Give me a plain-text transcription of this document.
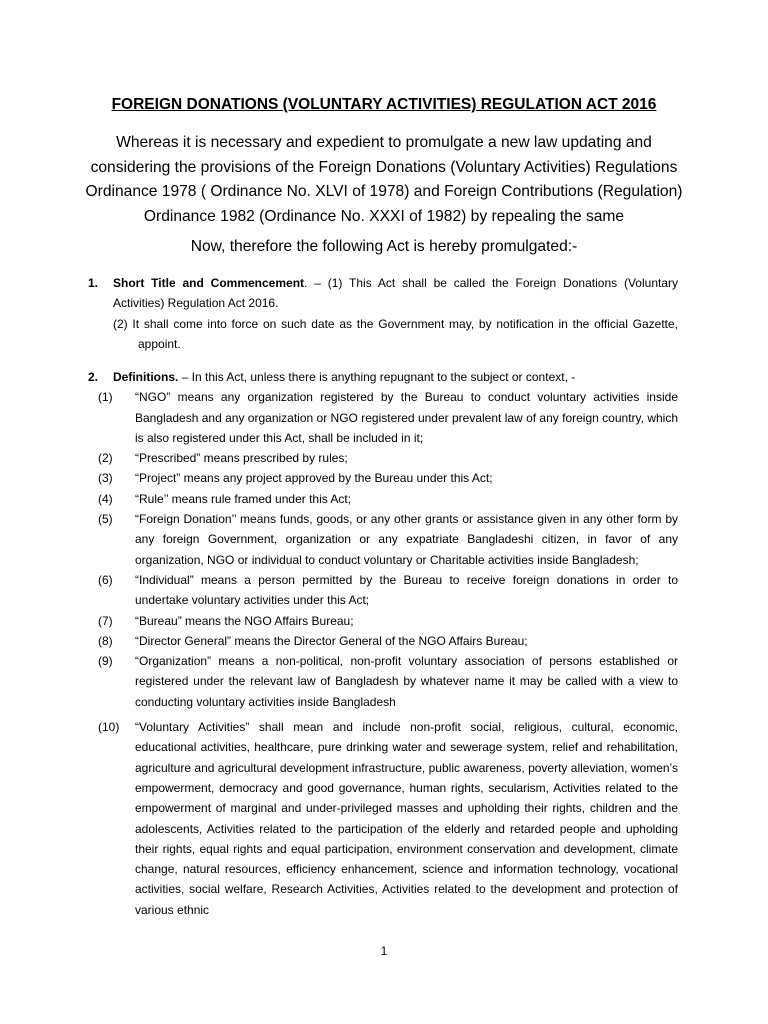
FOREIGN DONATIONS (VOLUNTARY ACTIVITIES) REGULATION ACT 2016
Whereas it is necessary and expedient to promulgate a new law updating and considering the provisions of the Foreign Donations (Voluntary Activities) Regulations Ordinance 1978 ( Ordinance No. XLVI of 1978) and Foreign Contributions (Regulation) Ordinance 1982 (Ordinance No. XXXI of 1982) by repealing the same
Now, therefore the following Act is hereby promulgated:-
1. Short Title and Commencement. – (1) This Act shall be called the Foreign Donations (Voluntary Activities) Regulation Act 2016.
(2) It shall come into force on such date as the Government may, by notification in the official Gazette, appoint.
2. Definitions. – In this Act, unless there is anything repugnant to the subject or context, -
(1) “NGO” means any organization registered by the Bureau to conduct voluntary activities inside Bangladesh and any organization or NGO registered under prevalent law of any foreign country, which is also registered under this Act, shall be included in it;
(2) “Prescribed” means prescribed by rules;
(3) “Project” means any project approved by the Bureau under this Act;
(4) “Rule’’ means rule framed under this Act;
(5) “Foreign Donation’’ means funds, goods, or any other grants or assistance given in any other form by any foreign Government, organization or any expatriate Bangladeshi citizen, in favor of any organization, NGO or individual to conduct voluntary or Charitable activities inside Bangladesh;
(6) “Individual” means a person permitted by the Bureau to receive foreign donations in order to undertake voluntary activities under this Act;
(7) “Bureau” means the NGO Affairs Bureau;
(8) “Director General” means the Director General of the NGO Affairs Bureau;
(9) “Organization” means a non-political, non-profit voluntary association of persons established or registered under the relevant law of Bangladesh by whatever name it may be called with a view to conducting voluntary activities inside Bangladesh
(10) “Voluntary Activities” shall mean and include non-profit social, religious, cultural, economic, educational activities, healthcare, pure drinking water and sewerage system, relief and rehabilitation, agriculture and agricultural development infrastructure, public awareness, poverty alleviation, women’s empowerment, democracy and good governance, human rights, secularism, Activities related to the empowerment of marginal and under-privileged masses and upholding their rights, children and the adolescents, Activities related to the participation of the elderly and retarded people and upholding their rights, equal rights and equal participation, environment conservation and development, climate change, natural resources, efficiency enhancement, science and information technology, vocational activities, social welfare, Research Activities, Activities related to the development and protection of various ethnic
1
